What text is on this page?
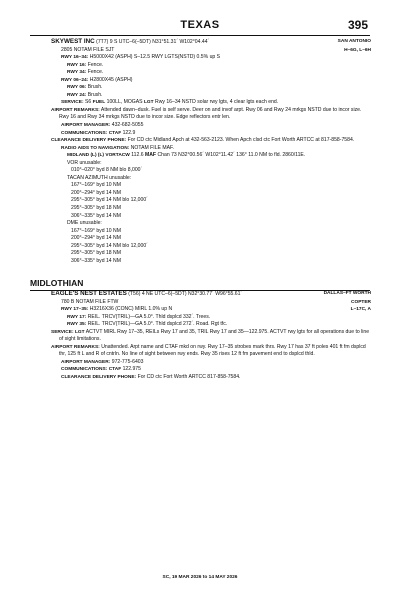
TEXAS	395
SKYWEST INC (7T7) 9 S UTC–6(–5DT) N31°51.31´ W102°04.44´	SAN ANTONIO
2805 NOTAM FILE SJT	H–6G, L–6H
RWY 16–34: H5000X42 (ASPH) S–12.5 RWY LGTS(NSTD) 0.5% up S
RWY 16: Fence.
RWY 34: Fence.
RWY 06–24: H2800X45 (ASPH)
RWY 06: Brush.
RWY 24: Brush.
SERVICE: S6 FUEL 100LL, MOGAS LGT Rwy 16–34 NSTD solar rwy lgts, 4 clear lgts each end.
AIRPORT REMARKS: Attended dawn–dusk. Fuel is self serve. Deer on and invof arpt. Rwy 06 and Rwy 24 mrkgs NSTD due to incor size. Rwy 16 and Rwy 34 mrkgs NSTD due to incor size. Edge reflectors entr len.
AIRPORT MANAGER: 432-682-5055
COMMUNICATIONS: CTAF 122.9
CLEARANCE DELIVERY PHONE: For CD ctc Midland Apch at 432-563-2123. When Apch clsd ctc Fort Worth ARTCC at 817-858-7584.
RADIO AIDS TO NAVIGATION: NOTAM FILE MAF.
MIDLAND (L) (L) VORTACW 112.6 MAF Chan 73 N32°00.56´ W102°11.42´ 136° 11.0 NM to fld. 2860/11E.
VOR unusable:
010°–020° byd 8 NM blo 8,000´
TACAN AZIMUTH unusable:
167°–169° byd 10 NM
200°–294° byd 14 NM
295°–305° byd 14 NM blo 12,000´
295°–305° byd 18 NM
306°–335° byd 14 NM
DME unusable:
167°–169° byd 10 NM
200°–294° byd 14 NM
295°–305° byd 14 NM blo 12,000´
295°–305° byd 18 NM
306°–335° byd 14 NM
MIDLOTHIAN
EAGLE'S NEST ESTATES (T56) 4 NE UTC–6(–5DT) N32°30.77´ W96°55.61´	DALLAS–FT WORTH
780 B NOTAM FILE FTW	COPTER
RWY 17–35: H3216X36 (CONC) MIRL 1.0% up N	L–17C, A
RWY 17: REIL. TRCV(TRIL)—GA 5.0°. Thld dsplcd 332´. Trees.
RWY 35: REIL. TRCV(TRIL)—GA 5.0°. Thld dsplcd 272´. Road. Rgt tfc.
SERVICE: LGT ACTVT MIRL Rwy 17–35, REILs Rwy 17 and 35, TRIL Rwy 17 and 35—122.975. ACTVT rwy lgts for all operations due to line of sight limitations.
AIRPORT REMARKS: Unattended. Arpt name and CTAF mkd on rwy. Rwy 17–35 strobes mark thrs. Rwy 17 has 37 ft poles 401 ft fm dsplcd thr, 125 ft L and R of cntrln. No line of sight between rwy ends. Rwy 35 rises 12 ft fm pavement end to dsplcd thld.
AIRPORT MANAGER: 972-775-6403
COMMUNICATIONS: CTAF 122.975
CLEARANCE DELIVERY PHONE: For CD ctc Fort Worth ARTCC 817-858-7584.
SC, 19 MAR 2026 to 14 MAY 2026
